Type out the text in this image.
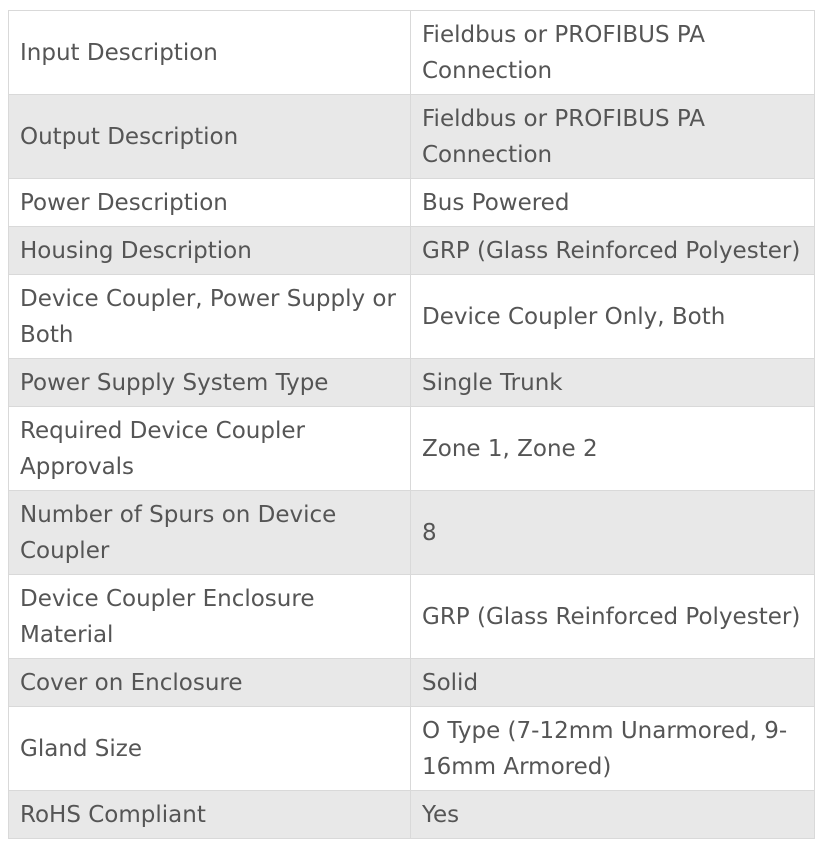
Input Description	Fieldbus or PROFIBUS PA Connection
Output Description	Fieldbus or PROFIBUS PA Connection
Power Description	Bus Powered
Housing Description	GRP (Glass Reinforced Polyester)
Device Coupler, Power Supply or Both	Device Coupler Only, Both
Power Supply System Type	Single Trunk
Required Device Coupler Approvals	Zone 1, Zone 2
Number of Spurs on Device Coupler	8
Device Coupler Enclosure Material	GRP (Glass Reinforced Polyester)
Cover on Enclosure	Solid
Gland Size	O Type (7-12mm Unarmored, 9-16mm Armored)
RoHS Compliant	Yes
